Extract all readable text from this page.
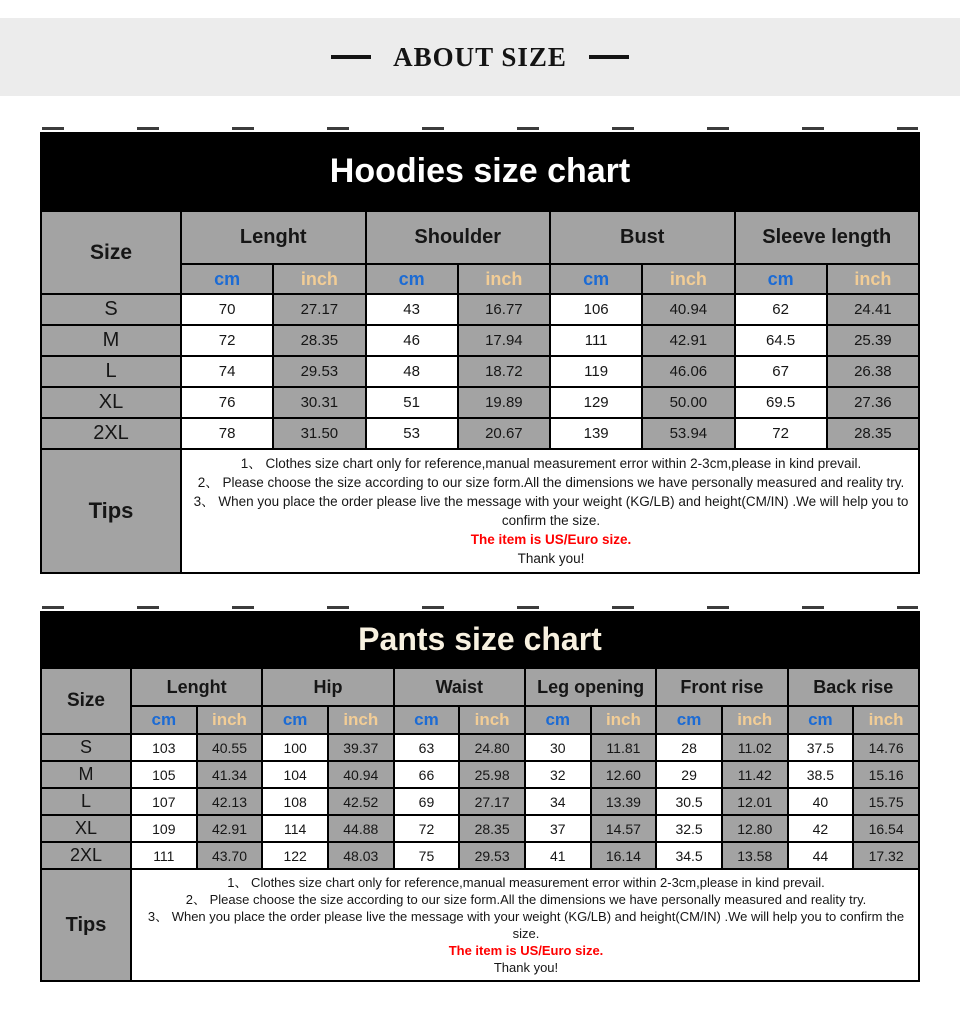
ABOUT SIZE
Hoodies size chart
Size	Lenght		Shoulder		Bust		Sleeve length	
	cm	inch	cm	inch	cm	inch	cm	inch
S	70	27.17	43	16.77	106	40.94	62	24.41
M	72	28.35	46	17.94	111	42.91	64.5	25.39
L	74	29.53	48	18.72	119	46.06	67	26.38
XL	76	30.31	51	19.89	129	50.00	69.5	27.36
2XL	78	31.50	53	20.67	139	53.94	72	28.35
Tips	1、 Clothes size chart only for reference,manual measurement error within 2-3cm,please in kind prevail.

2、 Please choose the size according to our size form.All the dimensions we have personally measured and reality try.

3、 When you place the order please live the message with your weight (KG/LB) and height(CM/IN) .We will help you to confirm the size.

The item is US/Euro size.

Thank you!							

Pants size chart
Size	Lenght		Hip		Waist		Leg opening		Front rise		Back rise	
	cm	inch	cm	inch	cm	inch	cm	inch	cm	inch	cm	inch
S	103	40.55	100	39.37	63	24.80	30	11.81	28	11.02	37.5	14.76
M	105	41.34	104	40.94	66	25.98	32	12.60	29	11.42	38.5	15.16
L	107	42.13	108	42.52	69	27.17	34	13.39	30.5	12.01	40	15.75
XL	109	42.91	114	44.88	72	28.35	37	14.57	32.5	12.80	42	16.54
2XL	111	43.70	122	48.03	75	29.53	41	16.14	34.5	13.58	44	17.32
Tips	1、 Clothes size chart only for reference,manual measurement error within 2-3cm,please in kind prevail.

2、 Please choose the size according to our size form.All the dimensions we have personally measured and reality try.

3、 When you place the order please live the message with your weight (KG/LB) and height(CM/IN) .We will help you to confirm the size.

The item is US/Euro size.

Thank you!											
